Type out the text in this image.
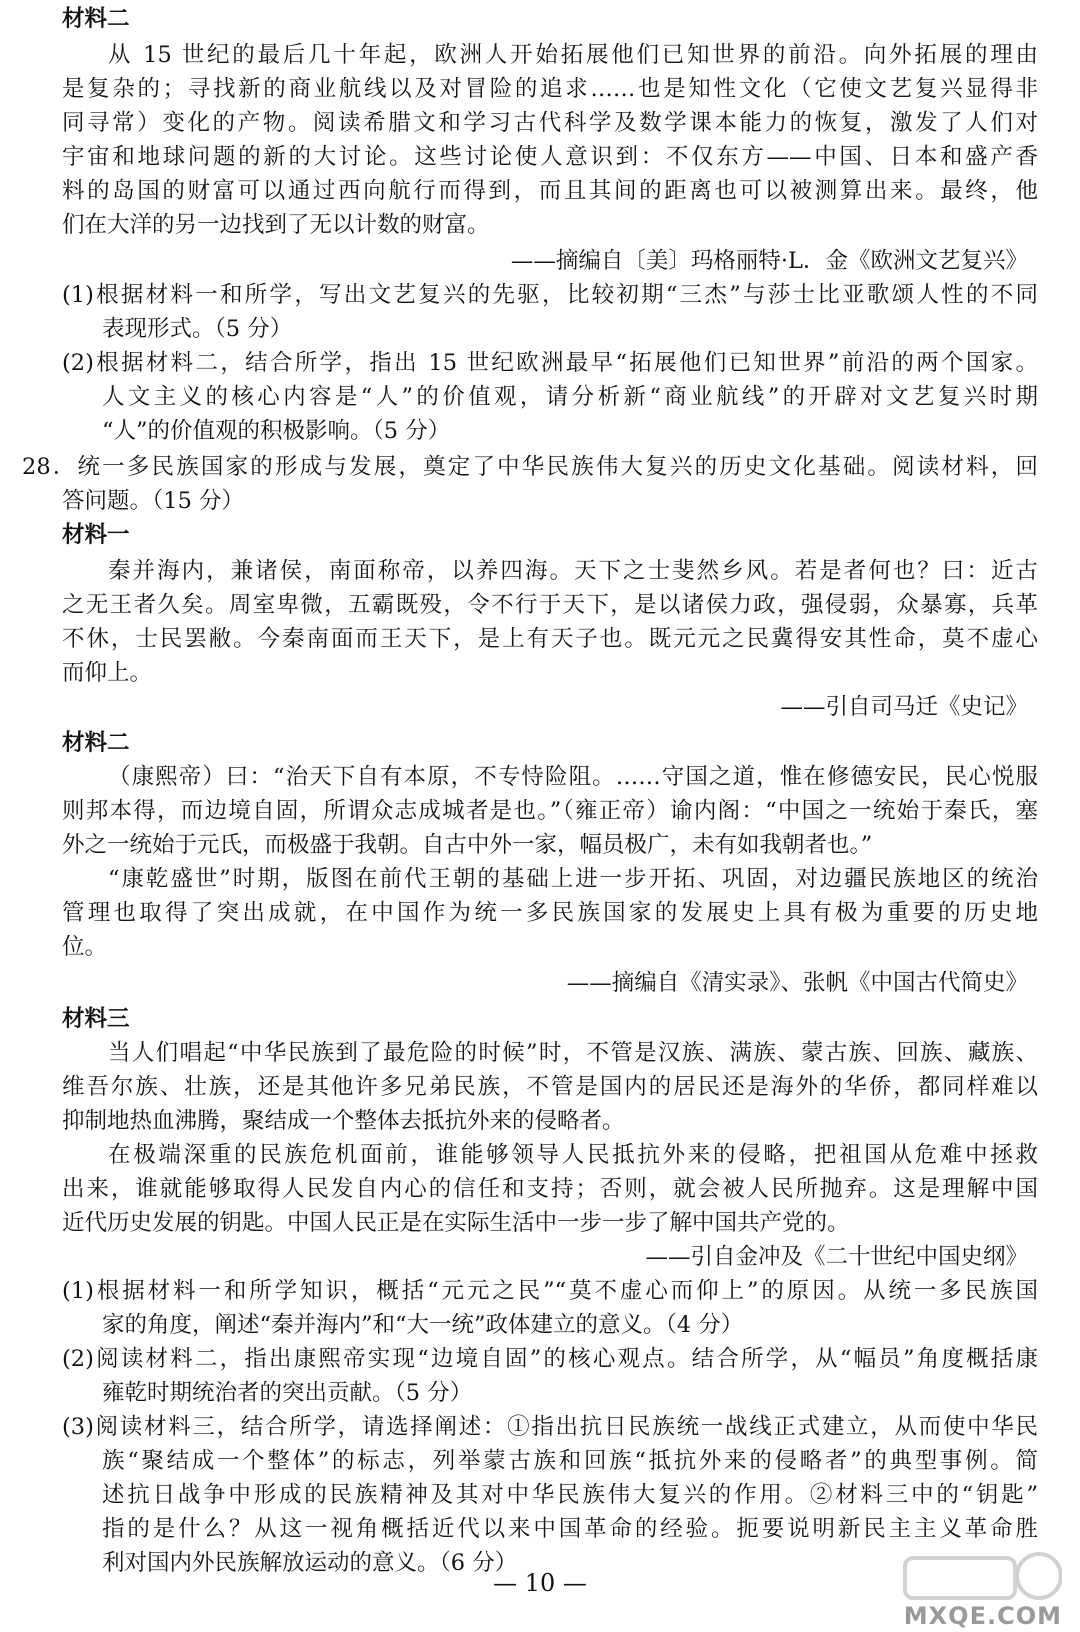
材料二
从 15 世纪的最后几十年起，欧洲人开始拓展他们已知世界的前沿。向外拓展的理由
是复杂的；寻找新的商业航线以及对冒险的追求……也是知性文化（它使文艺复兴显得非
同寻常）变化的产物。阅读希腊文和学习古代科学及数学课本能力的恢复，激发了人们对
宇宙和地球问题的新的大讨论。这些讨论使人意识到：不仅东方——中国、日本和盛产香
料的岛国的财富可以通过西向航行而得到，而且其间的距离也可以被测算出来。最终，他
们在大洋的另一边找到了无以计数的财富。
——摘编自〔美〕玛格丽特·L．金《欧洲文艺复兴》
(1)根据材料一和所学，写出文艺复兴的先驱，比较初期“三杰”与莎士比亚歌颂人性的不同
表现形式。（5 分）
(2)根据材料二，结合所学，指出 15 世纪欧洲最早“拓展他们已知世界”前沿的两个国家。
人文主义的核心内容是“人”的价值观，请分析新“商业航线”的开辟对文艺复兴时期
“人”的价值观的积极影响。（5 分）
28．统一多民族国家的形成与发展，奠定了中华民族伟大复兴的历史文化基础。阅读材料，回
答问题。（15 分）
材料一
秦并海内，兼诸侯，南面称帝，以养四海。天下之士斐然乡风。若是者何也？曰：近古
之无王者久矣。周室卑微，五霸既殁，令不行于天下，是以诸侯力政，强侵弱，众暴寡，兵革
不休，士民罢敝。今秦南面而王天下，是上有天子也。既元元之民冀得安其性命，莫不虚心
而仰上。
——引自司马迁《史记》
材料二
（康熙帝）曰：“治天下自有本原，不专恃险阻。……守国之道，惟在修德安民，民心悦服
则邦本得，而边境自固，所谓众志成城者是也。”（雍正帝）谕内阁：“中国之一统始于秦氏，塞
外之一统始于元氏，而极盛于我朝。自古中外一家，幅员极广，未有如我朝者也。”
“康乾盛世”时期，版图在前代王朝的基础上进一步开拓、巩固，对边疆民族地区的统治
管理也取得了突出成就，在中国作为统一多民族国家的发展史上具有极为重要的历史地
位。
——摘编自《清实录》、张帆《中国古代简史》
材料三
当人们唱起“中华民族到了最危险的时候”时，不管是汉族、满族、蒙古族、回族、藏族、
维吾尔族、壮族，还是其他许多兄弟民族，不管是国内的居民还是海外的华侨，都同样难以
抑制地热血沸腾，聚结成一个整体去抵抗外来的侵略者。
在极端深重的民族危机面前，谁能够领导人民抵抗外来的侵略，把祖国从危难中拯救
出来，谁就能够取得人民发自内心的信任和支持；否则，就会被人民所抛弃。这是理解中国
近代历史发展的钥匙。中国人民正是在实际生活中一步一步了解中国共产党的。
——引自金冲及《二十世纪中国史纲》
(1)根据材料一和所学知识，概括“元元之民”“莫不虚心而仰上”的原因。从统一多民族国
家的角度，阐述“秦并海内”和“大一统”政体建立的意义。（4 分）
(2)阅读材料二，指出康熙帝实现“边境自固”的核心观点。结合所学，从“幅员”角度概括康
雍乾时期统治者的突出贡献。（5 分）
(3)阅读材料三，结合所学，请选择阐述：①指出抗日民族统一战线正式建立，从而使中华民
族“聚结成一个整体”的标志，列举蒙古族和回族“抵抗外来的侵略者”的典型事例。简
述抗日战争中形成的民族精神及其对中华民族伟大复兴的作用。②材料三中的“钥匙”
指的是什么？从这一视角概括近代以来中国革命的经验。扼要说明新民主主义革命胜
利对国内外民族解放运动的意义。（6 分）
— 10 —
MXQE.COM
